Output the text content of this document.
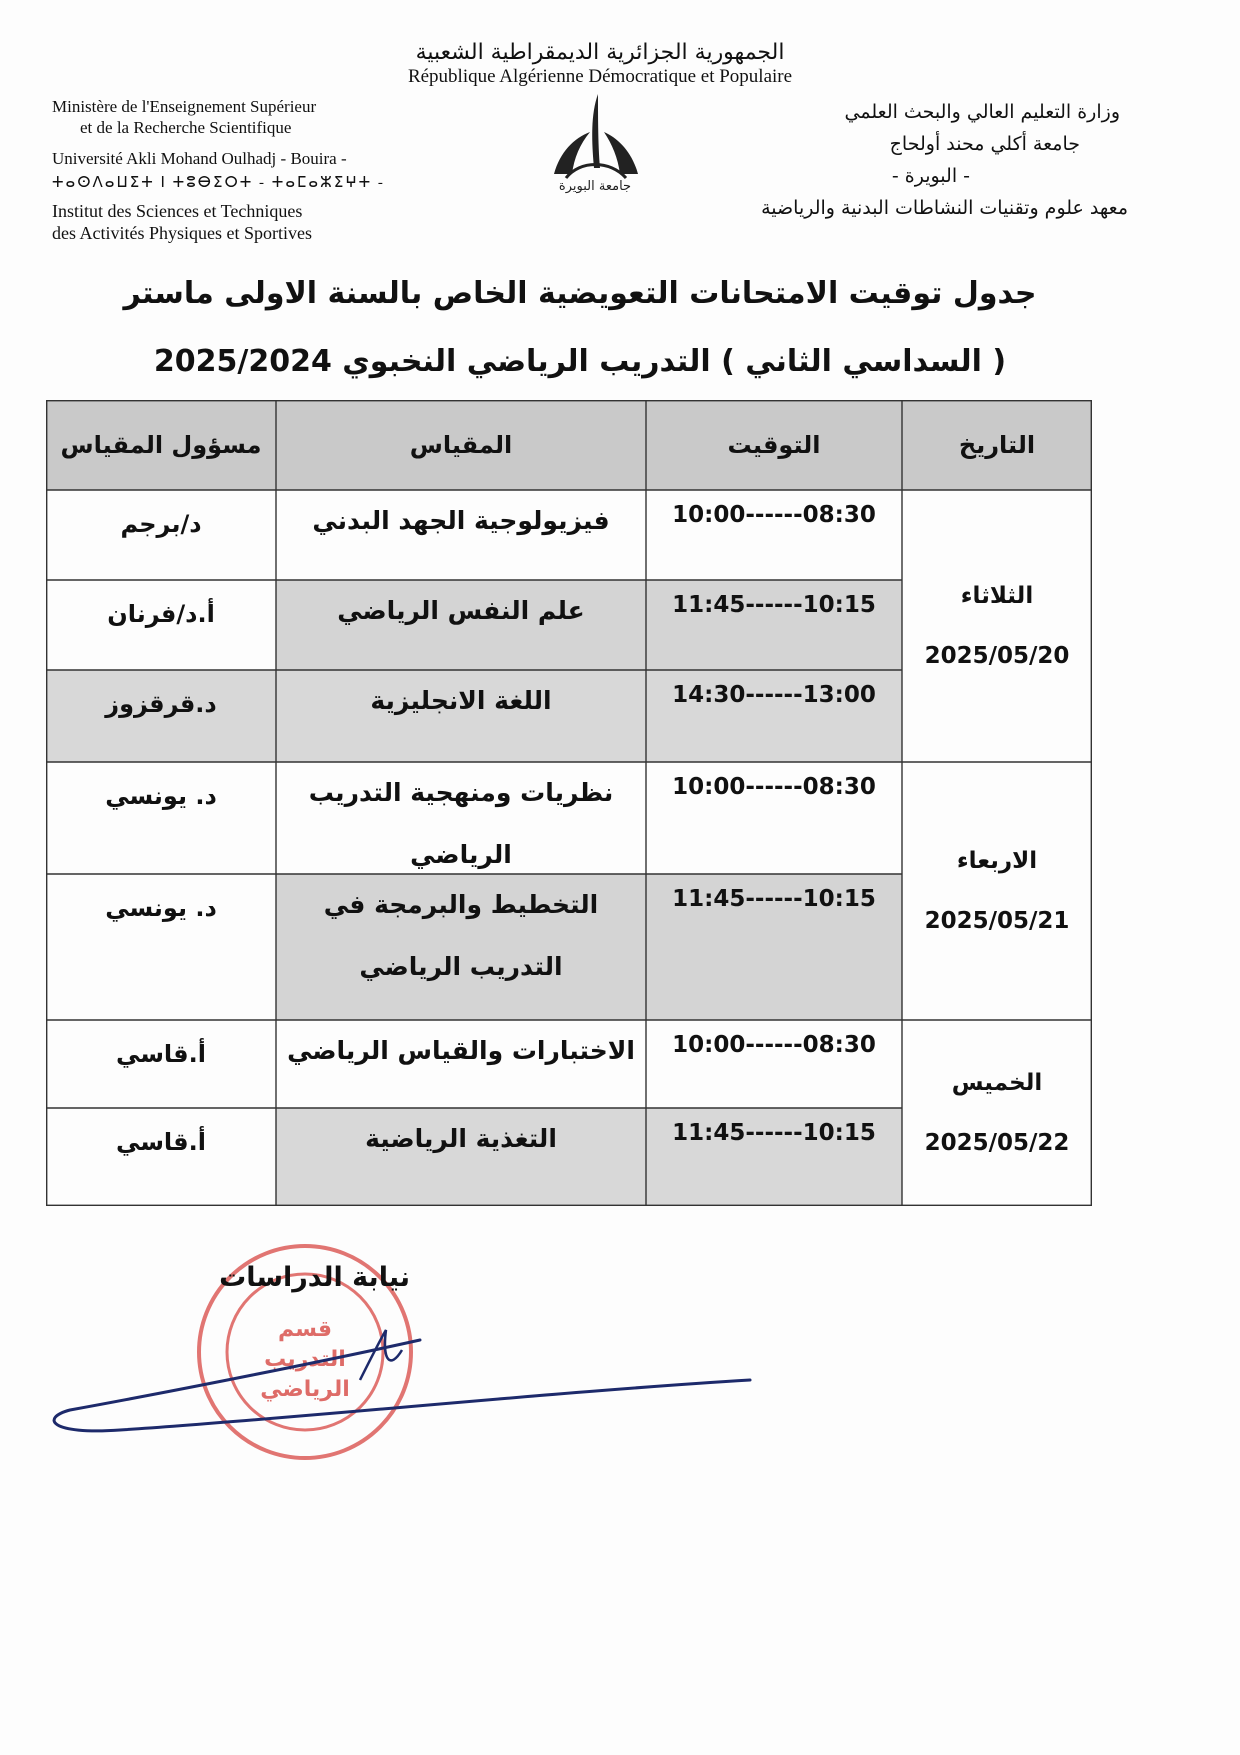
الجمهورية الجزائرية الديمقراطية الشعبية
République Algérienne Démocratique et Populaire
Ministère de l'Enseignement Supérieur
et de la Recherche Scientifique
Université Akli Mohand Oulhadj - Bouira -
ⵜⴰⵙⴷⴰⵡⵉⵜ ⵏ ⵜⵓⴱⵉⵔⵜ - ⵜⴰⵎⴰⵣⵉⵖⵜ -
Institut des Sciences et Techniques
des Activités Physiques et Sportives
وزارة التعليم العالي والبحث العلمي
جامعة أكلي محند أولحاج
- البويرة -
معهد علوم وتقنيات النشاطات البدنية والرياضية
جامعة البويرة
جدول توقيت الامتحانات التعويضية الخاص بالسنة الاولى ماستر
( السداسي الثاني ) التدريب الرياضي النخبوي 2025/2024
التاريخ
التوقيت
المقياس
مسؤول المقياس
الثلاثاء
2025/05/20
الاربعاء
2025/05/21
الخميس
2025/05/22
08:30------10:00
فيزيولوجية الجهد البدني
د/برجم
10:15------11:45
علم النفس الرياضي
أ.د/فرنان
13:00------14:30
اللغة الانجليزية
د.قرقزوز
08:30------10:00
نظريات ومنهجية التدريب الرياضي
د. يونسي
10:15------11:45
التخطيط والبرمجة في التدريب الرياضي
د. يونسي
08:30------10:00
الاختبارات والقياس الرياضي
أ.قاسي
10:15------11:45
التغذية الرياضية
أ.قاسي
قسم
التدريب
الرياضي
نيابة الدراسات
